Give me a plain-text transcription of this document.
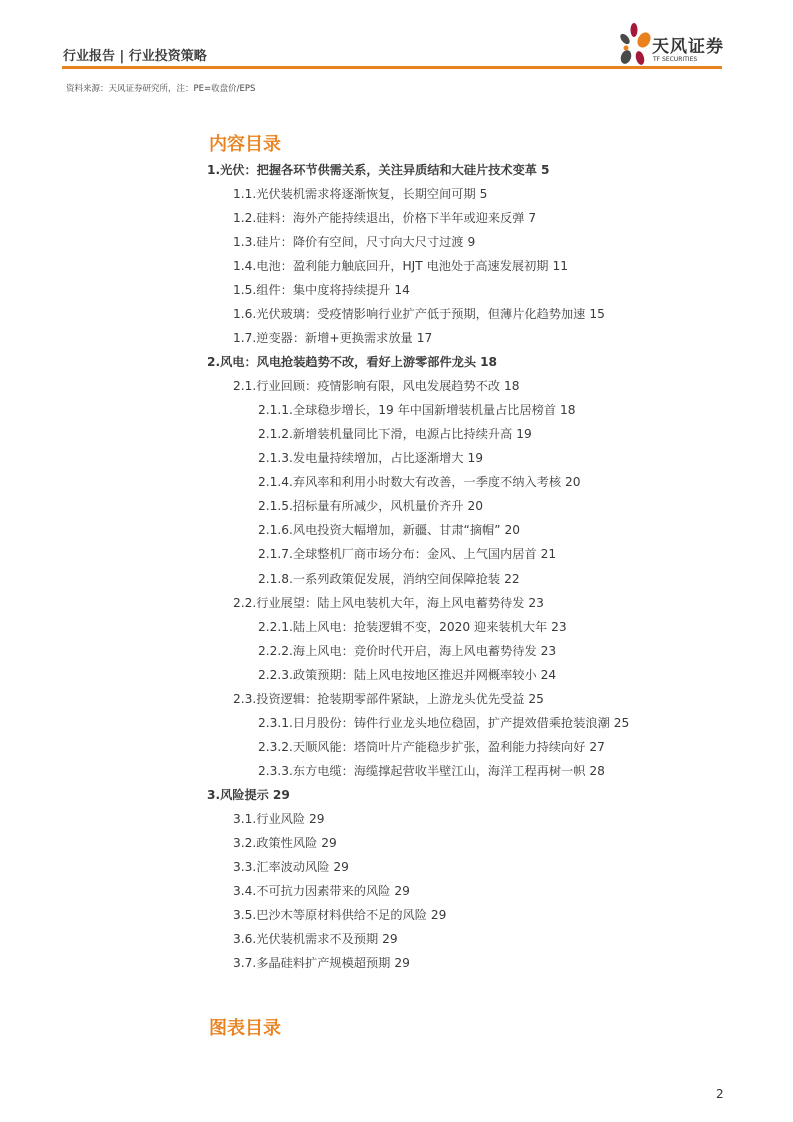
行业报告 | 行业投资策略	天风证券
TF SECURITIES
资料来源：天风证券研究所，注：PE=收盘价/EPS
内容目录
1. 光伏：把握各环节供需关系，关注异质结和大硅片技术变革 5
1.1. 光伏装机需求将逐渐恢复，长期空间可期 5
1.2. 硅料：海外产能持续退出，价格下半年或迎来反弹 7
1.3. 硅片：降价有空间，尺寸向大尺寸过渡 9
1.4. 电池：盈利能力触底回升，HJT 电池处于高速发展初期 11
1.5. 组件：集中度将持续提升 14
1.6. 光伏玻璃：受疫情影响行业扩产低于预期，但薄片化趋势加速 15
1.7. 逆变器：新增+更换需求放量 17
2. 风电：风电抢装趋势不改，看好上游零部件龙头 18
2.1. 行业回顾：疫情影响有限，风电发展趋势不改 18
2.1.1. 全球稳步增长，19 年中国新增装机量占比居榜首 18
2.1.2. 新增装机量同比下滑，电源占比持续升高 19
2.1.3. 发电量持续增加，占比逐渐增大 19
2.1.4. 弃风率和利用小时数大有改善，一季度不纳入考核 20
2.1.5. 招标量有所减少，风机量价齐升 20
2.1.6. 风电投资大幅增加，新疆、甘肃“摘帽” 20
2.1.7. 全球整机厂商市场分布：金风、上气国内居首 21
2.1.8. 一系列政策促发展，消纳空间保障抢装 22
2.2. 行业展望：陆上风电装机大年，海上风电蓄势待发 23
2.2.1. 陆上风电：抢装逻辑不变，2020 迎来装机大年 23
2.2.2. 海上风电：竞价时代开启，海上风电蓄势待发 23
2.2.3. 政策预期：陆上风电按地区推迟并网概率较小 24
2.3. 投资逻辑：抢装期零部件紧缺，上游龙头优先受益 25
2.3.1. 日月股份：铸件行业龙头地位稳固，扩产提效借乘抢装浪潮 25
2.3.2. 天顺风能：塔筒叶片产能稳步扩张，盈利能力持续向好 27
2.3.3. 东方电缆：海缆撑起营收半壁江山，海洋工程再树一帜 28
3. 风险提示 29
3.1. 行业风险 29
3.2. 政策性风险 29
3.3. 汇率波动风险 29
3.4. 不可抗力因素带来的风险 29
3.5. 巴沙木等原材料供给不足的风险 29
3.6. 光伏装机需求不及预期 29
3.7. 多晶硅料扩产规模超预期 29
图表目录
2
